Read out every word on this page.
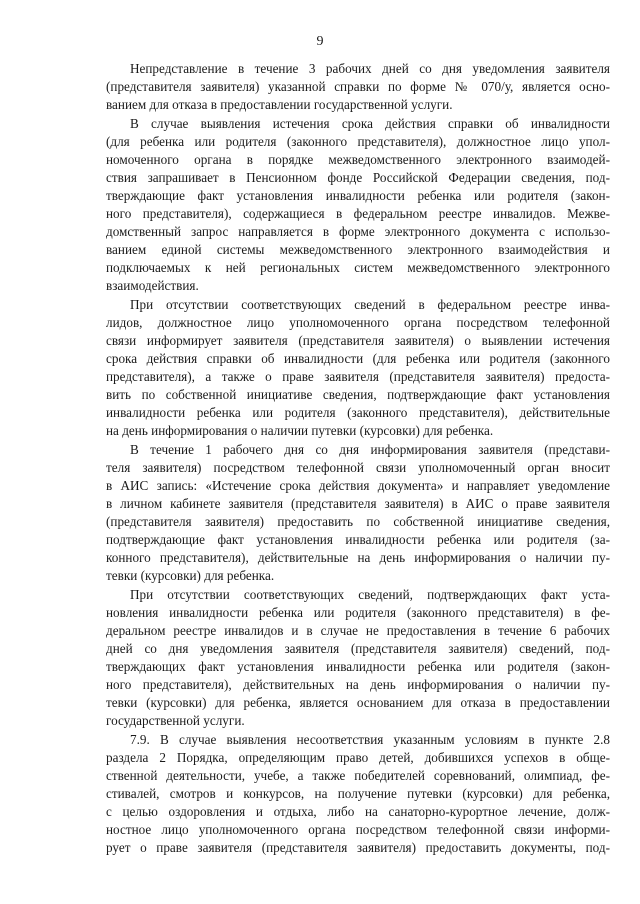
9
Непредставление в течение 3 рабочих дней со дня уведомления заявителя
(представителя заявителя) указанной справки по форме № 070/у, является осно-
ванием для отказа в предоставлении государственной услуги.
В случае выявления истечения срока действия справки об инвалидности
(для ребенка или родителя (законного представителя), должностное лицо упол-
номоченного органа в порядке межведомственного электронного взаимодей-
ствия запрашивает в Пенсионном фонде Российской Федерации сведения, под-
тверждающие факт установления инвалидности ребенка или родителя (закон-
ного представителя), содержащиеся в федеральном реестре инвалидов. Межве-
домственный запрос направляется в форме электронного документа с использо-
ванием единой системы межведомственного электронного взаимодействия и
подключаемых к ней региональных систем межведомственного электронного
взаимодействия.
При отсутствии соответствующих сведений в федеральном реестре инва-
лидов, должностное лицо уполномоченного органа посредством телефонной
связи информирует заявителя (представителя заявителя) о выявлении истечения
срока действия справки об инвалидности (для ребенка или родителя (законного
представителя), а также о праве заявителя (представителя заявителя) предоста-
вить по собственной инициативе сведения, подтверждающие факт установления
инвалидности ребенка или родителя (законного представителя), действительные
на день информирования о наличии путевки (курсовки) для ребенка.
В течение 1 рабочего дня со дня информирования заявителя (представи-
теля заявителя) посредством телефонной связи уполномоченный орган вносит
в АИС запись: «Истечение срока действия документа» и направляет уведомление
в личном кабинете заявителя (представителя заявителя) в АИС о праве заявителя
(представителя заявителя) предоставить по собственной инициативе сведения,
подтверждающие факт установления инвалидности ребенка или родителя (за-
конного представителя), действительные на день информирования о наличии пу-
тевки (курсовки) для ребенка.
При отсутствии соответствующих сведений, подтверждающих факт уста-
новления инвалидности ребенка или родителя (законного представителя) в фе-
деральном реестре инвалидов и в случае не предоставления в течение 6 рабочих
дней со дня уведомления заявителя (представителя заявителя) сведений, под-
тверждающих факт установления инвалидности ребенка или родителя (закон-
ного представителя), действительных на день информирования о наличии пу-
тевки (курсовки) для ребенка, является основанием для отказа в предоставлении
государственной услуги.
7.9. В случае выявления несоответствия указанным условиям в пункте 2.8
раздела 2 Порядка, определяющим право детей, добившихся успехов в обще-
ственной деятельности, учебе, а также победителей соревнований, олимпиад, фе-
стивалей, смотров и конкурсов, на получение путевки (курсовки) для ребенка,
с целью оздоровления и отдыха, либо на санаторно-курортное лечение, долж-
ностное лицо уполномоченного органа посредством телефонной связи информи-
рует о праве заявителя (представителя заявителя) предоставить документы, под-
